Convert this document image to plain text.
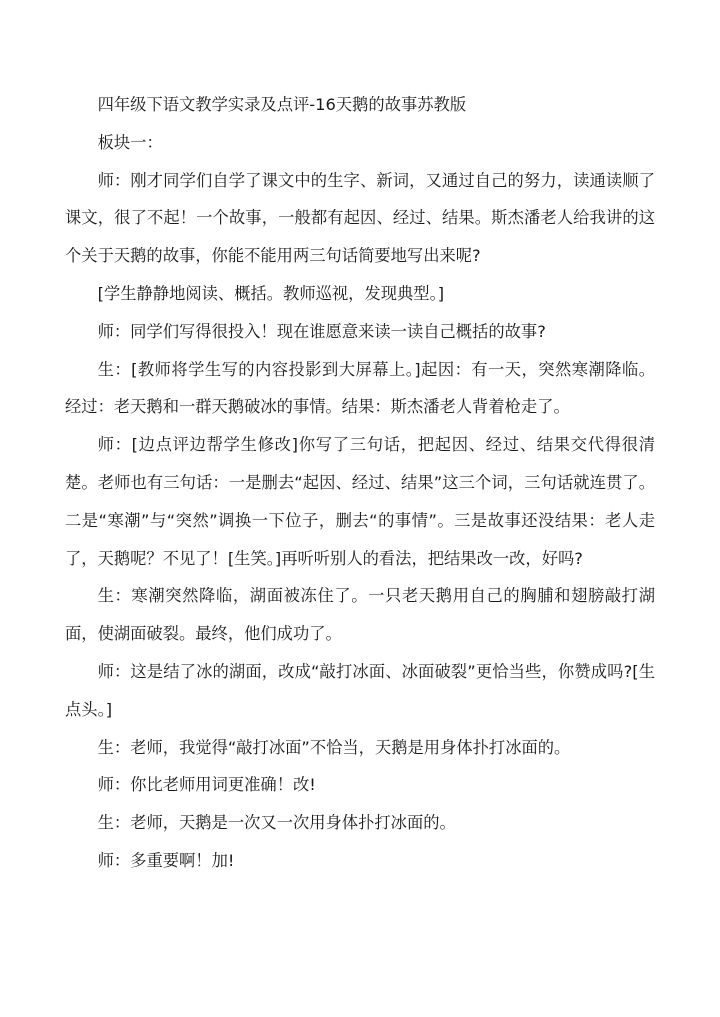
四年级下语文教学实录及点评-16天鹅的故事苏教版

板块一：

师：刚才同学们自学了课文中的生字、新词，又通过自己的努力，读通读顺了课文，很了不起！一个故事，一般都有起因、经过、结果。斯杰潘老人给我讲的这个关于天鹅的故事，你能不能用两三句话简要地写出来呢?

[学生静静地阅读、概括。教师巡视，发现典型。]

师：同学们写得很投入！现在谁愿意来读一读自己概括的故事?

生：[教师将学生写的内容投影到大屏幕上。]起因：有一天，突然寒潮降临。经过：老天鹅和一群天鹅破冰的事情。结果：斯杰潘老人背着枪走了。

师：[边点评边帮学生修改]你写了三句话，把起因、经过、结果交代得很清楚。老师也有三句话：一是删去“起因、经过、结果”这三个词，三句话就连贯了。二是“寒潮”与“突然”调换一下位子，删去“的事情”。三是故事还没结果：老人走了，天鹅呢？不见了！[生笑。]再听听别人的看法，把结果改一改，好吗?

生：寒潮突然降临，湖面被冻住了。一只老天鹅用自己的胸脯和翅膀敲打湖面，使湖面破裂。最终，他们成功了。

师：这是结了冰的湖面，改成“敲打冰面、冰面破裂”更恰当些，你赞成吗?[生点头。]

生：老师，我觉得“敲打冰面”不恰当，天鹅是用身体扑打冰面的。

师：你比老师用词更准确！改!

生：老师，天鹅是一次又一次用身体扑打冰面的。

师：多重要啊！加!
